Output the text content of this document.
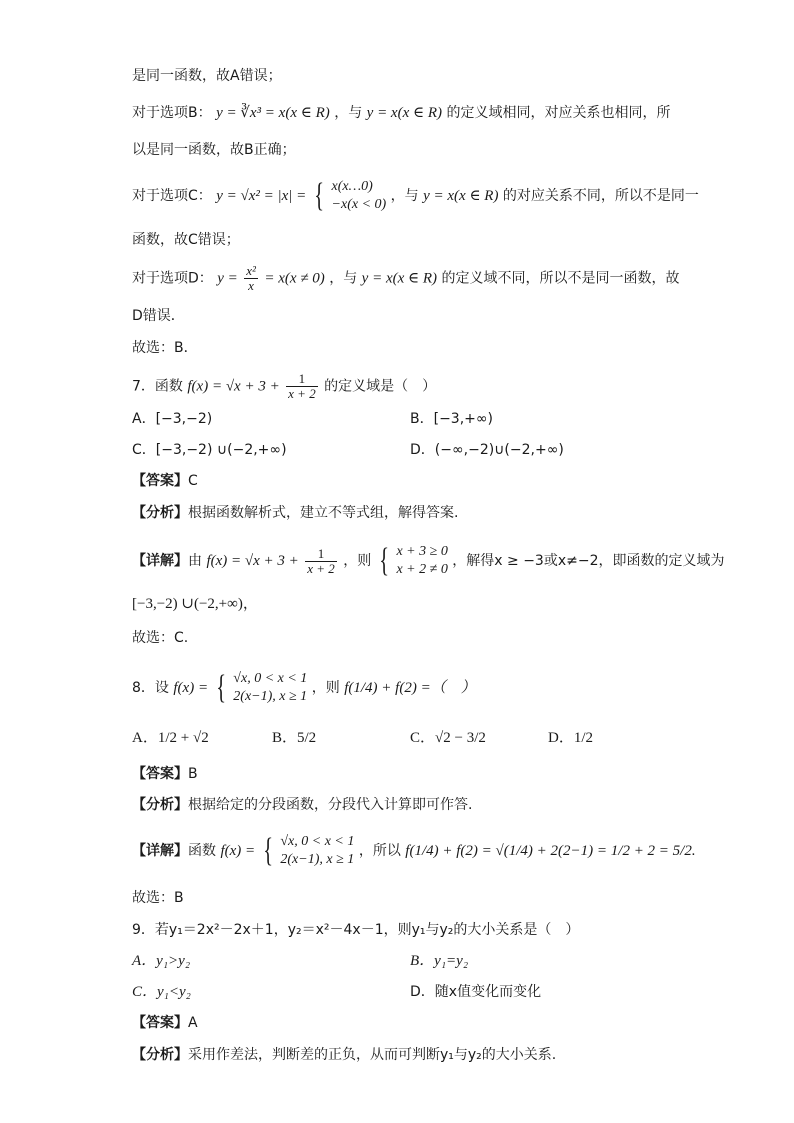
是同一函数，故A错误；
对于选项B： y = ∛x³ = x(x ∈ R) ，与 y = x(x ∈ R) 的定义域相同，对应关系也相同，所
以是同一函数，故B正确；
对于选项C： y = √x² = |x| = { x(x…0)
−x(x < 0)
，与 y = x(x ∈ R) 的对应关系不同，所以不是同一
函数，故C错误；
对于选项D： $y = \frac{\text{x²}}{x} = x(x \ne 0)$ ，与 y = x(x ∈ R) 的定义域不同，所以不是同一函数，故
D错误．
故选：B．
7．函数 $f(x) = √x + 3 + \frac{1}{x + 2}$ 的定义域是（　）
A．[−3,−2)	B．[−3,+∞)
C．[−3,−2) ∪(−2,+∞)	D．(−∞,−2)∪(−2,+∞)
【答案】C
【分析】根据函数解析式，建立不等式组，解得答案.
【详解】由 $f(x) = √x + 3 + \frac{1}{x + 2}$ ，则 { x + 3 ≥ 0
x + 2 ≠ 0
，解得x ≥ −3或x≠−2，即函数的定义域为
[−3,−2) ∪(−2,+∞)，
故选：C.
8．设 f(x) = { √x, 0 < x < 1
2(x−1), x ≥ 1
，则 f(1/4) + f(2) =（　）
A．1/2 + √2	B．5/2	C．√2 − 3/2	D．1/2
【答案】B
【分析】根据给定的分段函数，分段代入计算即可作答.
【详解】函数 f(x) = { √x, 0 < x < 1
2(x−1), x ≥ 1
，所以 f(1/4) + f(2) = √(1/4) + 2(2−1) = 1/2 + 2 = 5/2.
故选：B
9．若y₁＝2x²－2x＋1，y₂＝x²－4x－1，则y₁与y₂的大小关系是（　）
A．y₁>y₂	B．y₁=y₂
C．y₁<y₂	D．随x值变化而变化
【答案】A
【分析】采用作差法，判断差的正负，从而可判断y₁与y₂的大小关系.
